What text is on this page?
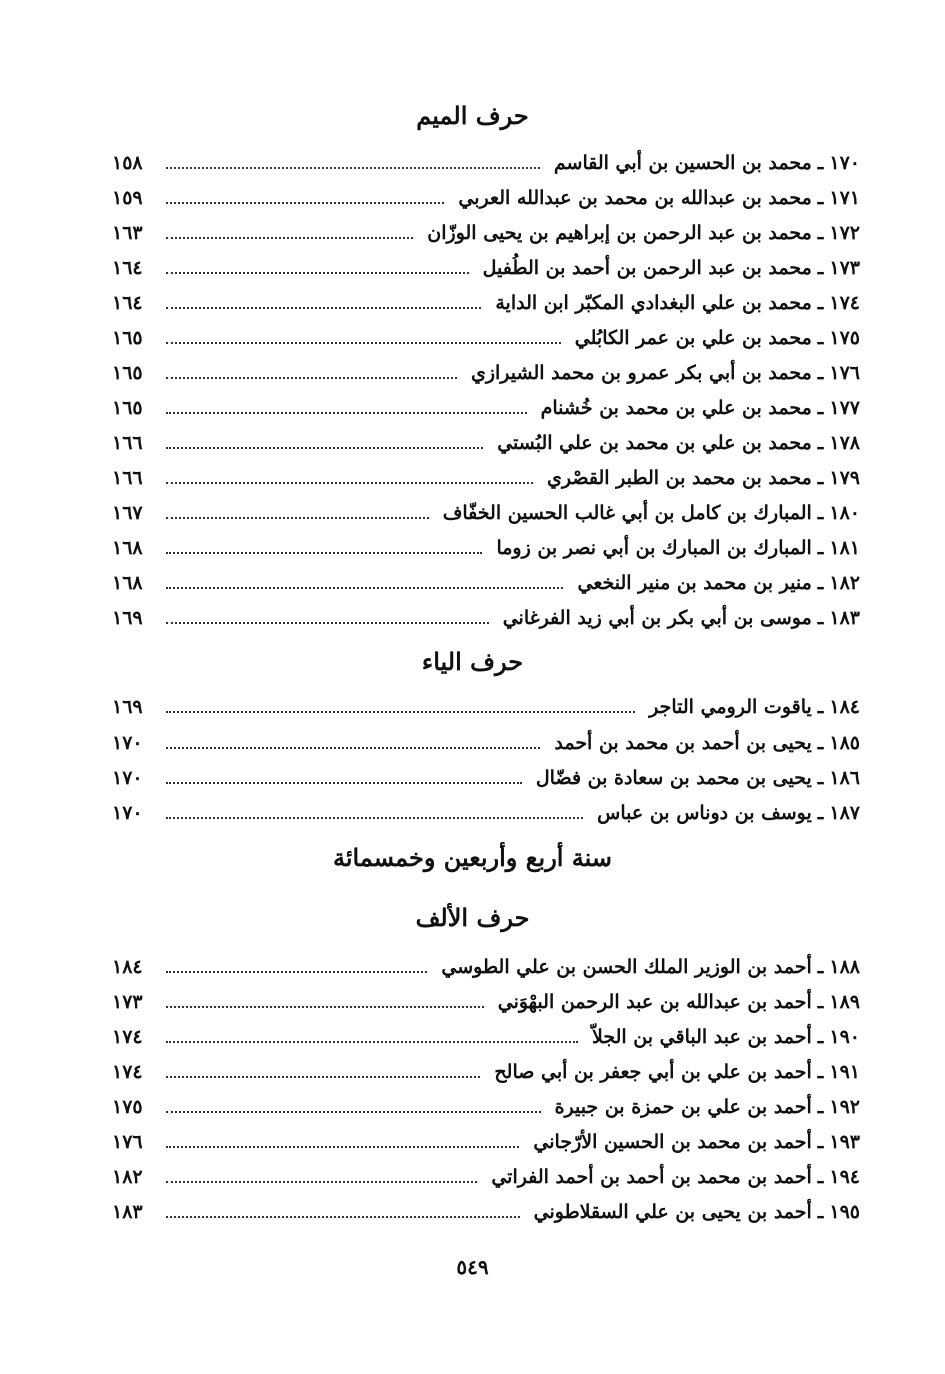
حرف الميم
١٧٠
ـ
محمد بن الحسين بن أبي القاسم
١٥٨
١٧١
ـ
محمد بن عبدالله بن محمد بن عبدالله العربي
١٥٩
١٧٢
ـ
محمد بن عبد الرحمن بن إبراهيم بن يحيى الوزّان
١٦٣
١٧٣
ـ
محمد بن عبد الرحمن بن أحمد بن الطُفيل
١٦٤
١٧٤
ـ
محمد بن علي البغدادي المكبّر ابن الداية
١٦٤
١٧٥
ـ
محمد بن علي بن عمر الكابُلي
١٦٥
١٧٦
ـ
محمد بن أبي بكر عمرو بن محمد الشيرازي
١٦٥
١٧٧
ـ
محمد بن علي بن محمد بن خُشنام
١٦٥
١٧٨
ـ
محمد بن علي بن محمد بن علي البُستي
١٦٦
١٧٩
ـ
محمد بن محمد بن الطبر القصْري
١٦٦
١٨٠
ـ
المبارك بن كامل بن أبي غالب الحسين الخفّاف
١٦٧
١٨١
ـ
المبارك بن المبارك بن أبي نصر بن زوما
١٦٨
١٨٢
ـ
منير بن محمد بن منير النخعي
١٦٨
١٨٣
ـ
موسى بن أبي بكر بن أبي زيد الفرغاني
١٦٩
حرف الياء
١٨٤
ـ
ياقوت الرومي التاجر
١٦٩
١٨٥
ـ
يحيى بن أحمد بن محمد بن أحمد
١٧٠
١٨٦
ـ
يحيى بن محمد بن سعادة بن فضّال
١٧٠
١٨٧
ـ
يوسف بن دوناس بن عباس
١٧٠
سنة أربع وأربعين وخمسمائة
حرف الألف
١٨٨
ـ
أحمد بن الوزير الملك الحسن بن علي الطوسي
١٨٤
١٨٩
ـ
أحمد بن عبدالله بن عبد الرحمن البهْوَني
١٧٣
١٩٠
ـ
أحمد بن عبد الباقي بن الجلاّ
١٧٤
١٩١
ـ
أحمد بن علي بن أبي جعفر بن أبي صالح
١٧٤
١٩٢
ـ
أحمد بن علي بن حمزة بن جبيرة
١٧٥
١٩٣
ـ
أحمد بن محمد بن الحسين الأرّجاني
١٧٦
١٩٤
ـ
أحمد بن محمد بن أحمد بن أحمد الفراتي
١٨٢
١٩٥
ـ
أحمد بن يحيى بن علي السقلاطوني
١٨٣
٥٤٩
